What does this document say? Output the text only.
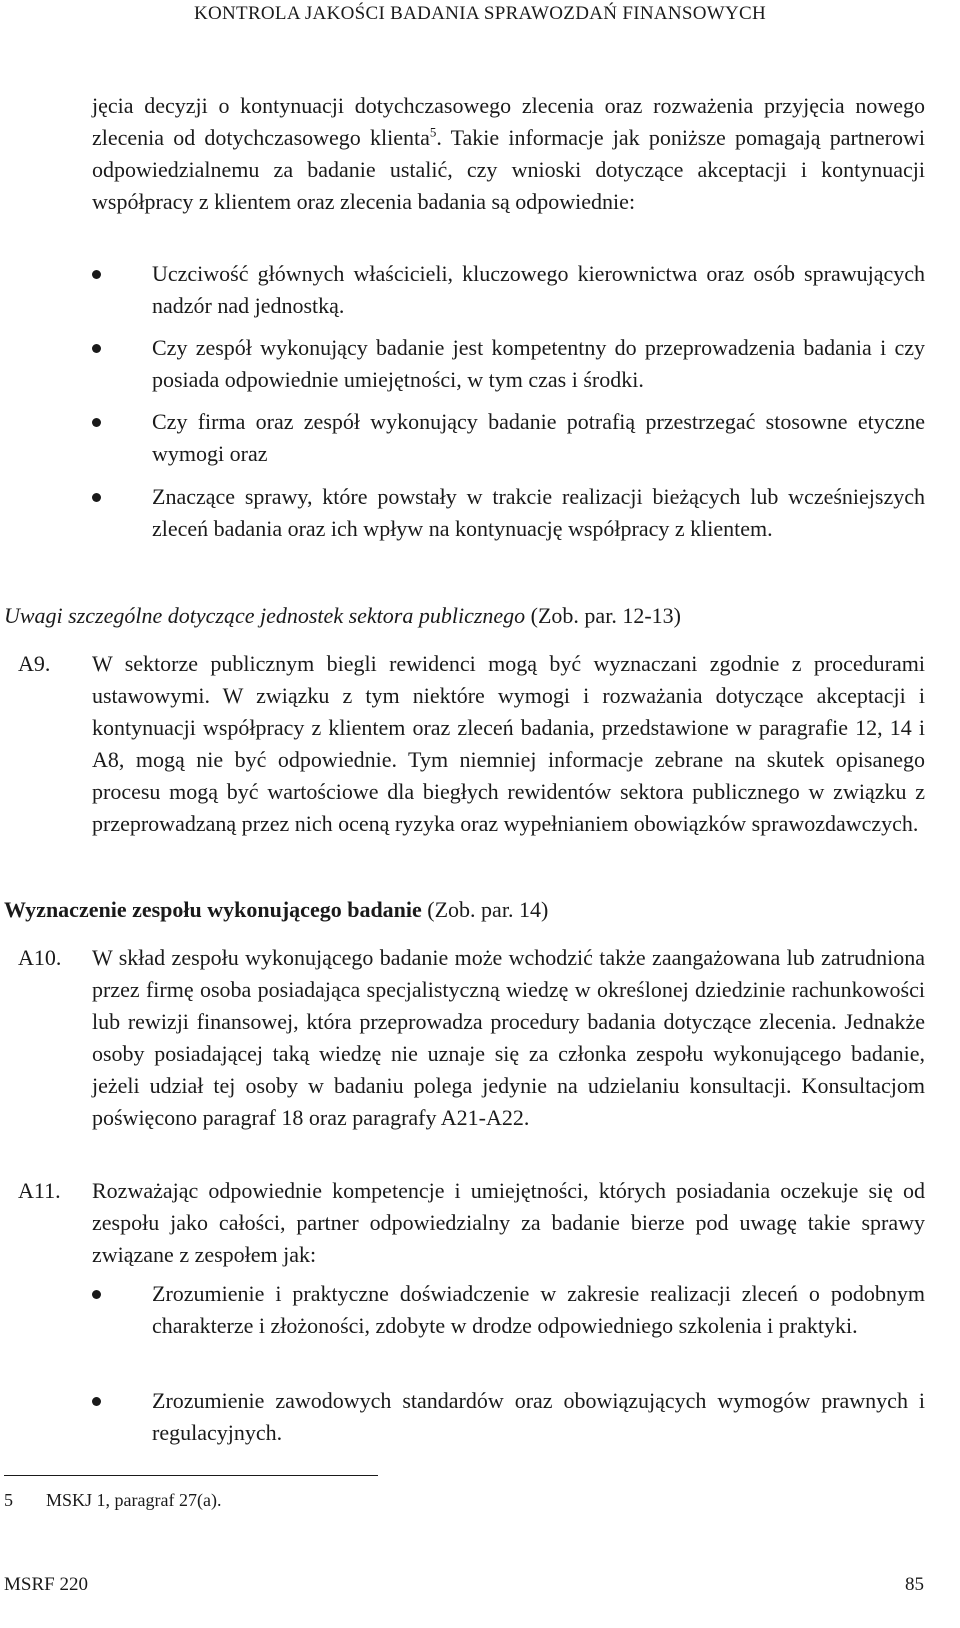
KONTROLA JAKOŚCI BADANIA SPRAWOZDAŃ FINANSOWYCH
jęcia decyzji o kontynuacji dotychczasowego zlecenia oraz rozważenia przyjęcia nowego zlecenia od dotychczasowego klienta$^5$. Takie informacje jak poniższe pomagają partnerowi odpowiedzialnemu za badanie ustalić, czy wnioski dotyczące akceptacji i kontynuacji współpracy z klientem oraz zlecenia badania są odpowiednie:
Uczciwość głównych właścicieli, kluczowego kierownictwa oraz osób sprawujących nadzór nad jednostką.
Czy zespół wykonujący badanie jest kompetentny do przeprowadzenia badania i czy posiada odpowiednie umiejętności, w tym czas i środki.
Czy firma oraz zespół wykonujący badanie potrafią przestrzegać stosowne etyczne wymogi oraz
Znaczące sprawy, które powstały w trakcie realizacji bieżących lub wcześniejszych zleceń badania oraz ich wpływ na kontynuację współpracy z klientem.
Uwagi szczególne dotyczące jednostek sektora publicznego (Zob. par. 12-13)
A9.	W sektorze publicznym biegli rewidenci mogą być wyznaczani zgodnie z procedurami ustawowymi. W związku z tym niektóre wymogi i rozważania dotyczące akceptacji i kontynuacji współpracy z klientem oraz zleceń badania, przedstawione w paragrafie 12, 14 i A8, mogą nie być odpowiednie. Tym niemniej informacje zebrane na skutek opisanego procesu mogą być wartościowe dla biegłych rewidentów sektora publicznego w związku z przeprowadzaną przez nich oceną ryzyka oraz wypełnianiem obowiązków sprawozdawczych.
Wyznaczenie zespołu wykonującego badanie (Zob. par. 14)
A10.	W skład zespołu wykonującego badanie może wchodzić także zaangażowana lub zatrudniona przez firmę osoba posiadająca specjalistyczną wiedzę w określonej dziedzinie rachunkowości lub rewizji finansowej, która przeprowadza procedury badania dotyczące zlecenia. Jednakże osoby posiadającej taką wiedzę nie uznaje się za członka zespołu wykonującego badanie, jeżeli udział tej osoby w badaniu polega jedynie na udzielaniu konsultacji. Konsultacjom poświęcono paragraf 18 oraz paragrafy A21-A22.
A11.	Rozważając odpowiednie kompetencje i umiejętności, których posiadania oczekuje się od zespołu jako całości, partner odpowiedzialny za badanie bierze pod uwagę takie sprawy związane z zespołem jak:
Zrozumienie i praktyczne doświadczenie w zakresie realizacji zleceń o podobnym charakterze i złożoności, zdobyte w drodze odpowiedniego szkolenia i praktyki.
Zrozumienie zawodowych standardów oraz obowiązujących wymogów prawnych i regulacyjnych.
5 MSKJ 1, paragraf 27(a).
MSRF 220	85
